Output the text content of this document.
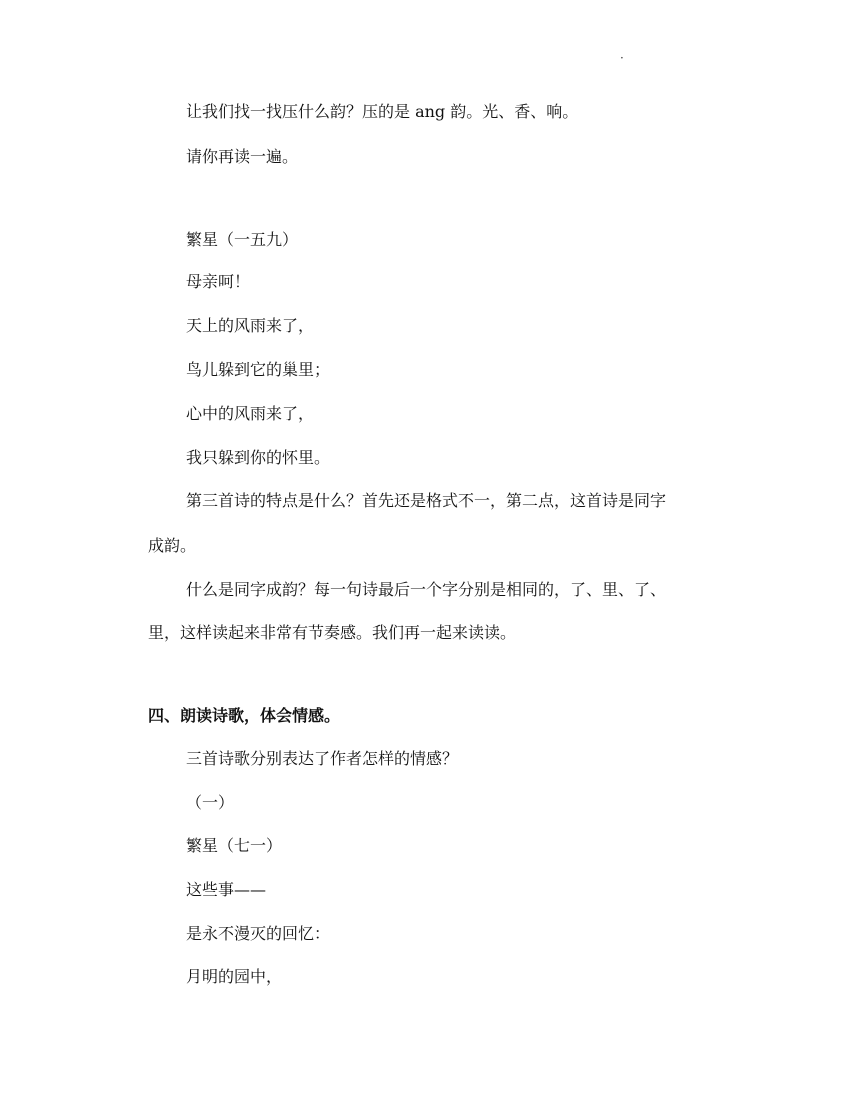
·
让我们找一找压什么韵？压的是 ang 韵。光、香、响。
请你再读一遍。
繁星（一五九）
母亲呵！
天上的风雨来了，
鸟儿躲到它的巢里；
心中的风雨来了，
我只躲到你的怀里。
第三首诗的特点是什么？首先还是格式不一，第二点，这首诗是同字
成韵。
什么是同字成韵？每一句诗最后一个字分别是相同的，了、里、了、
里，这样读起来非常有节奏感。我们再一起来读读。
四、朗读诗歌，体会情感。
三首诗歌分别表达了作者怎样的情感？
（一）
繁星（七一）
这些事——
是永不漫灭的回忆：
月明的园中，
